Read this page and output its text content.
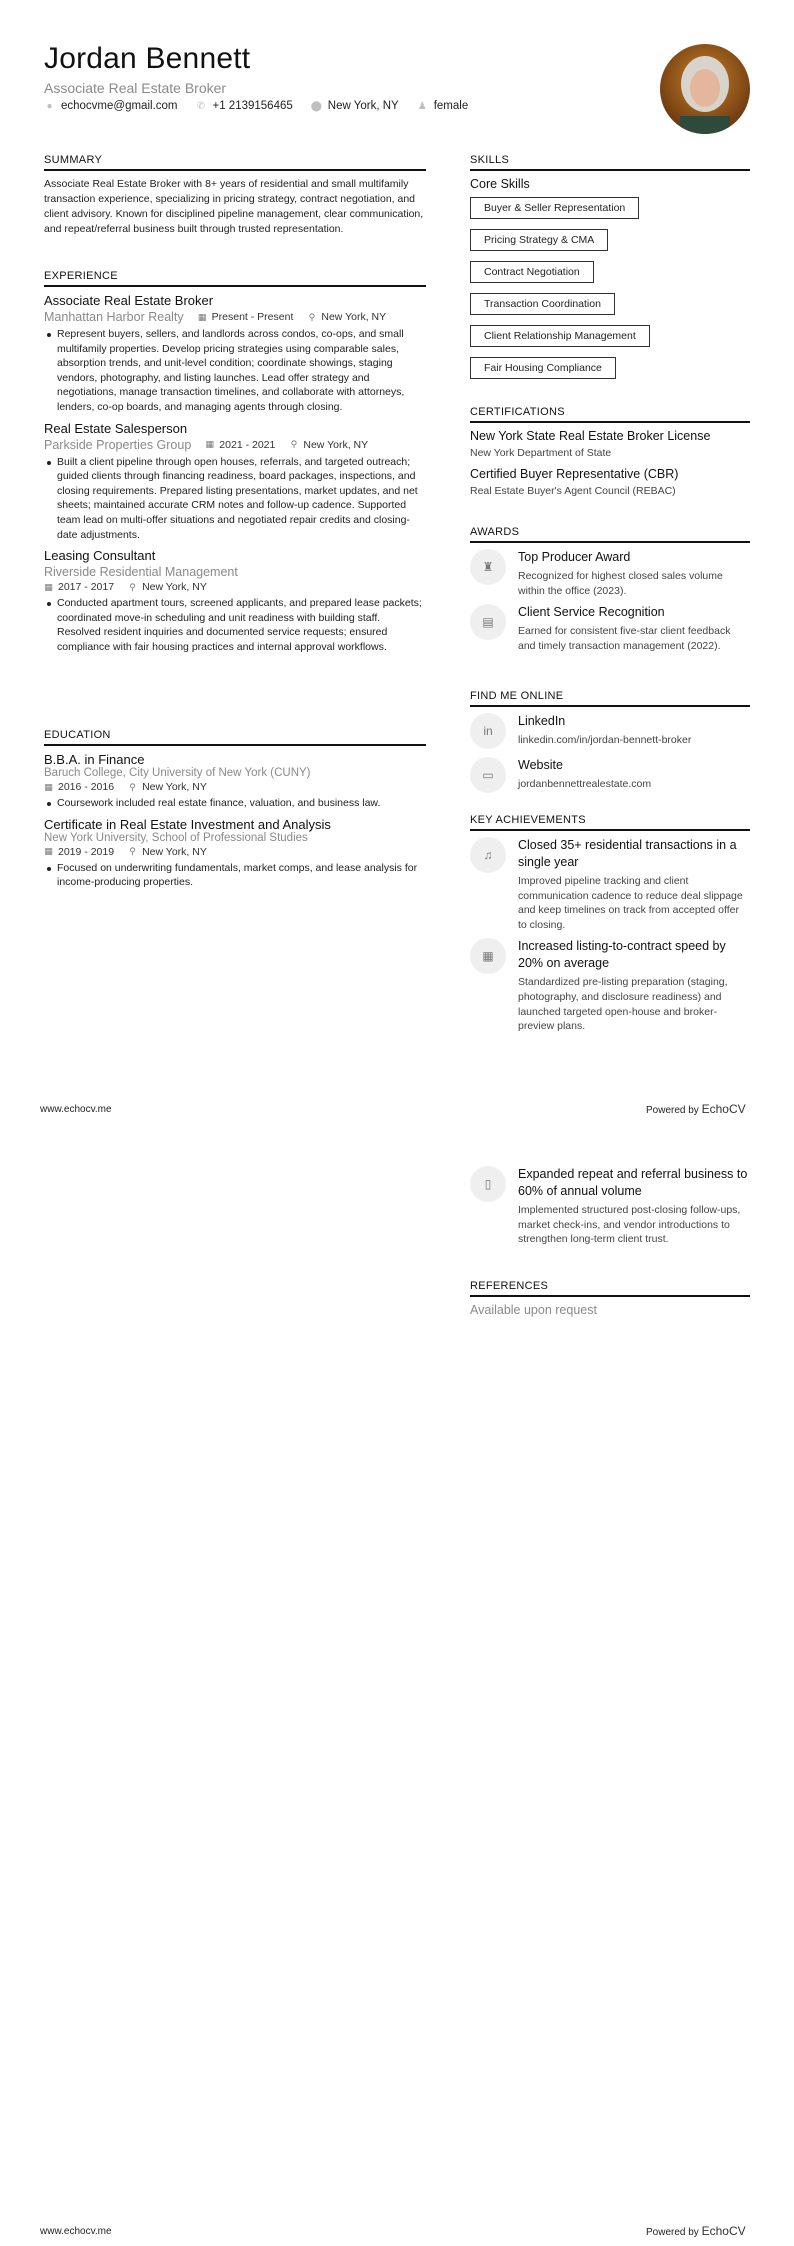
Jordan Bennett
Associate Real Estate Broker
● echocvme@gmail.com ✆ +1 2139156465 ⬤ New York, NY ♟ female
SUMMARY
Associate Real Estate Broker with 8+ years of residential and small multifamily transaction experience, specializing in pricing strategy, contract negotiation, and client advisory. Known for disciplined pipeline management, clear communication, and repeat/referral business built through trusted representation.
EXPERIENCE
Associate Real Estate Broker
Manhattan Harbor Realty ▦ Present - Present ⚲ New York, NY
Represent buyers, sellers, and landlords across condos, co-ops, and small multifamily properties. Develop pricing strategies using comparable sales, absorption trends, and unit-level condition; coordinate showings, staging vendors, photography, and listing launches. Lead offer strategy and negotiations, manage transaction timelines, and collaborate with attorneys, lenders, co-op boards, and managing agents through closing.
Real Estate Salesperson
Parkside Properties Group ▦ 2021 - 2021 ⚲ New York, NY
Built a client pipeline through open houses, referrals, and targeted outreach; guided clients through financing readiness, board packages, inspections, and closing requirements. Prepared listing presentations, market updates, and net sheets; maintained accurate CRM notes and follow-up cadence. Supported team lead on multi-offer situations and negotiated repair credits and closing-date adjustments.
Leasing Consultant
Riverside Residential Management
▦ 2017 - 2017 ⚲ New York, NY
Conducted apartment tours, screened applicants, and prepared lease packets; coordinated move-in scheduling and unit readiness with building staff. Resolved resident inquiries and documented service requests; ensured compliance with fair housing practices and internal approval workflows.
EDUCATION
B.B.A. in Finance
Baruch College, City University of New York (CUNY)
▦ 2016 - 2016 ⚲ New York, NY
Coursework included real estate finance, valuation, and business law.
Certificate in Real Estate Investment and Analysis
New York University, School of Professional Studies
▦ 2019 - 2019 ⚲ New York, NY
Focused on underwriting fundamentals, market comps, and lease analysis for income-producing properties.
SKILLS
Core Skills
Buyer & Seller Representation
Pricing Strategy & CMA
Contract Negotiation
Transaction Coordination
Client Relationship Management
Fair Housing Compliance
CERTIFICATIONS
New York State Real Estate Broker License
New York Department of State
Certified Buyer Representative (CBR)
Real Estate Buyer's Agent Council (REBAC)
AWARDS
♜
Top Producer Award
Recognized for highest closed sales volume within the office (2023).
▤
Client Service Recognition
Earned for consistent five-star client feedback and timely transaction management (2022).
FIND ME ONLINE
in
LinkedIn
linkedin.com/in/jordan-bennett-broker
▭
Website
jordanbennettrealestate.com
KEY ACHIEVEMENTS
♫
Closed 35+ residential transactions in a single year
Improved pipeline tracking and client communication cadence to reduce deal slippage and keep timelines on track from accepted offer to closing.
▦
Increased listing-to-contract speed by 20% on average
Standardized pre-listing preparation (staging, photography, and disclosure readiness) and launched targeted open-house and broker-preview plans.
www.echocv.me	Powered by EchoCV
▯
Expanded repeat and referral business to 60% of annual volume
Implemented structured post-closing follow-ups, market check-ins, and vendor introductions to strengthen long-term client trust.
REFERENCES
Available upon request
www.echocv.me	Powered by EchoCV
